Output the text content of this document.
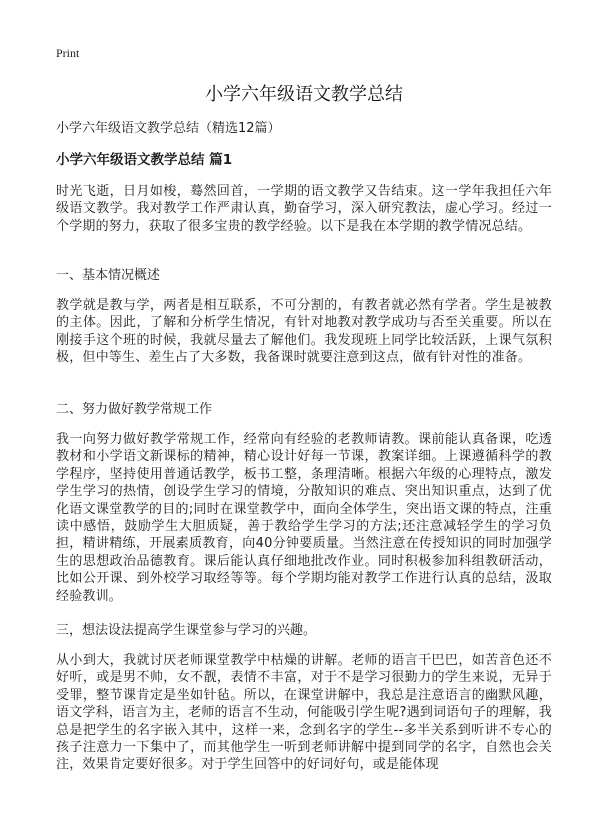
Print
小学六年级语文教学总结
小学六年级语文教学总结（精选12篇）
小学六年级语文教学总结 篇1
时光飞逝，日月如梭，蓦然回首，一学期的语文教学又告结束。这一学年我担任六年级语文教学。我对教学工作严肃认真，勤奋学习，深入研究教法，虚心学习。经过一个学期的努力，获取了很多宝贵的教学经验。以下是我在本学期的教学情况总结。
一、基本情况概述
教学就是教与学，两者是相互联系，不可分割的，有教者就必然有学者。学生是被教的主体。因此，了解和分析学生情况，有针对地教对教学成功与否至关重要。所以在刚接手这个班的时候，我就尽量去了解他们。我发现班上同学比较活跃，上课气氛积极，但中等生、差生占了大多数，我备课时就要注意到这点，做有针对性的准备。
二、努力做好教学常规工作
我一向努力做好教学常规工作，经常向有经验的老教师请教。课前能认真备课，吃透教材和小学语文新课标的精神，精心设计好每一节课，教案详细。上课遵循科学的教学程序，坚持使用普通话教学，板书工整，条理清晰。根据六年级的心理特点，激发学生学习的热情，创设学生学习的情境，分散知识的难点、突出知识重点，达到了优化语文课堂教学的目的;同时在课堂教学中，面向全体学生，突出语文课的特点，注重读中感悟，鼓励学生大胆质疑，善于教给学生学习的方法;还注意减轻学生的学习负担，精讲精练，开展素质教育，向40分钟要质量。当然注意在传授知识的同时加强学生的思想政治品德教育。课后能认真仔细地批改作业。同时积极参加科组教研活动，比如公开课、到外校学习取经等等。每个学期均能对教学工作进行认真的总结，汲取经验教训。
三，想法设法提高学生课堂参与学习的兴趣。
从小到大，我就讨厌老师课堂教学中枯燥的讲解。老师的语言干巴巴，如苦音色还不好听，或是男不帅，女不靓，表情不丰富，对于不是学习很勤力的学生来说，无异于受罪，整节课肯定是坐如针毡。所以，在课堂讲解中，我总是注意语言的幽默风趣，语文学科，语言为主，老师的语言不生动，何能吸引学生呢?遇到词语句子的理解，我总是把学生的名字嵌入其中，这样一来，念到名字的学生--多半关系到听讲不专心的孩子注意力一下集中了，而其他学生一听到老师讲解中提到同学的名字，自然也会关注，效果肯定要好很多。对于学生回答中的好词好句，或是能体现
